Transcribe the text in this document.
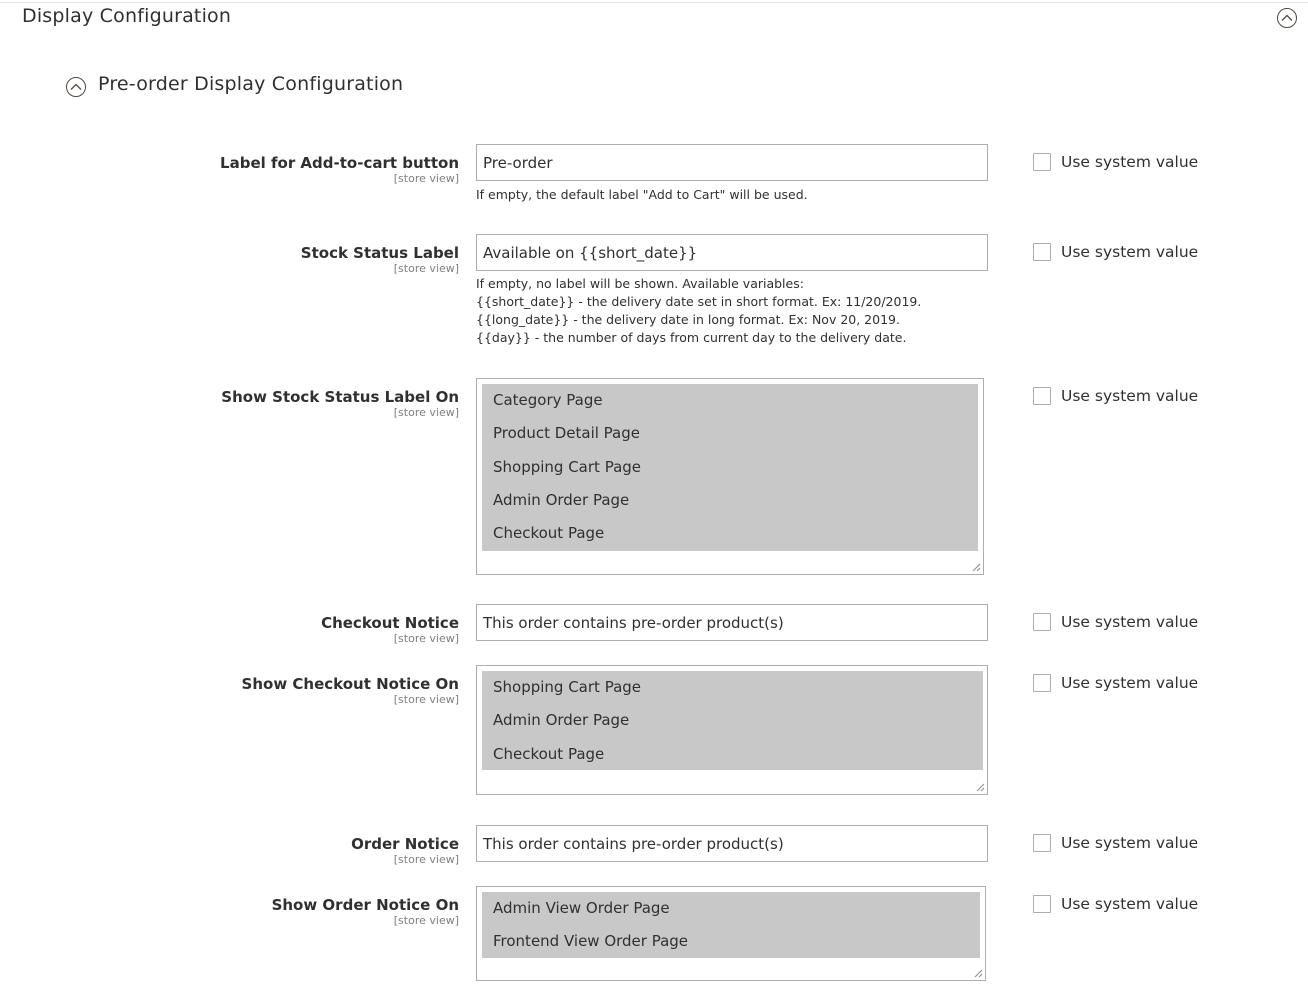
Display Configuration
Pre-order Display Configuration
Label for Add-to-cart button
[store view]
Pre-order
If empty, the default label "Add to Cart" will be used.
Use system value
Stock Status Label
[store view]
Available on {{short_date}}
If empty, no label will be shown. Available variables:
{{short_date}} - the delivery date set in short format. Ex: 11/20/2019.
{{long_date}} - the delivery date in long format. Ex: Nov 20, 2019.
{{day}} - the number of days from current day to the delivery date.
Use system value
Show Stock Status Label On
[store view]
Category Page
Product Detail Page
Shopping Cart Page
Admin Order Page
Checkout Page
Use system value
Checkout Notice
[store view]
This order contains pre-order product(s)
Use system value
Show Checkout Notice On
[store view]
Shopping Cart Page
Admin Order Page
Checkout Page
Use system value
Order Notice
[store view]
This order contains pre-order product(s)
Use system value
Show Order Notice On
[store view]
Admin View Order Page
Frontend View Order Page
Use system value
